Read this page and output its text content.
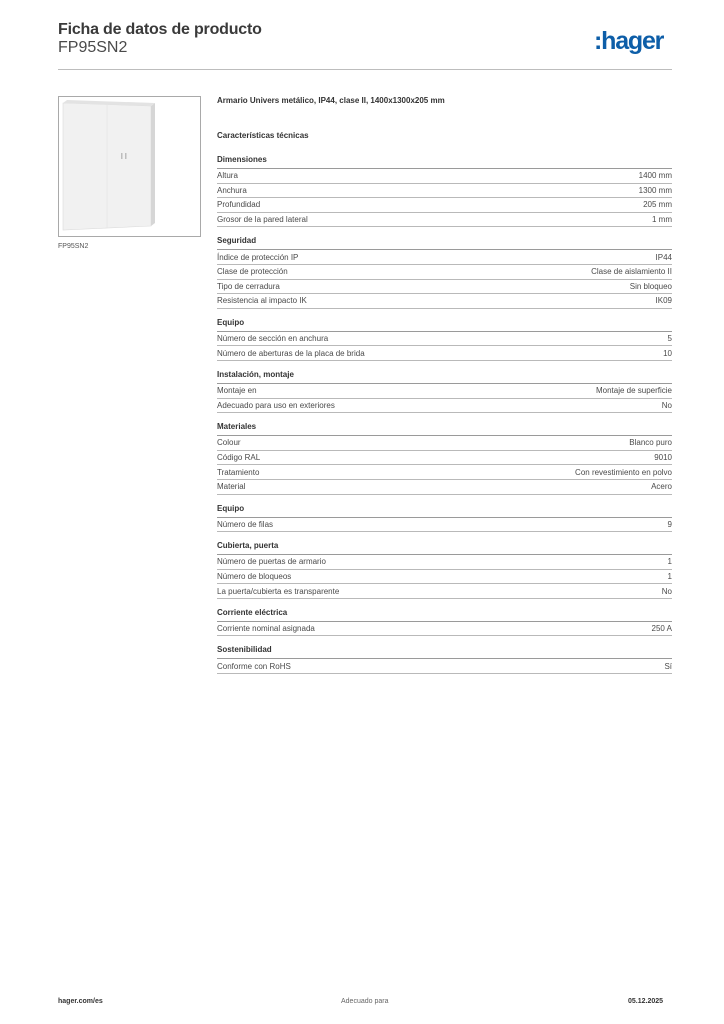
Ficha de datos de producto
FP95SN2	:hager
FP95SN2
Armario Univers metálico, IP44, clase II, 1400x1300x205 mm
Características técnicas
Dimensiones
Altura	1400 mm
Anchura	1300 mm
Profundidad	205 mm
Grosor de la pared lateral	1 mm
Seguridad
Índice de protección IP	IP44
Clase de protección	Clase de aislamiento II
Tipo de cerradura	Sin bloqueo
Resistencia al impacto IK	IK09
Equipo
Número de sección en anchura	5
Número de aberturas de la placa de brida	10
Instalación, montaje
Montaje en	Montaje de superficie
Adecuado para uso en exteriores	No
Materiales
Colour	Blanco puro
Código RAL	9010
Tratamiento	Con revestimiento en polvo
Material	Acero
Equipo
Número de filas	9
Cubierta, puerta
Número de puertas de armario	1
Número de bloqueos	1
La puerta/cubierta es transparente	No
Corriente eléctrica
Corriente nominal asignada	250 A
Sostenibilidad
Conforme con RoHS	Sí
hager.com/es	Adecuado para	05.12.2025
